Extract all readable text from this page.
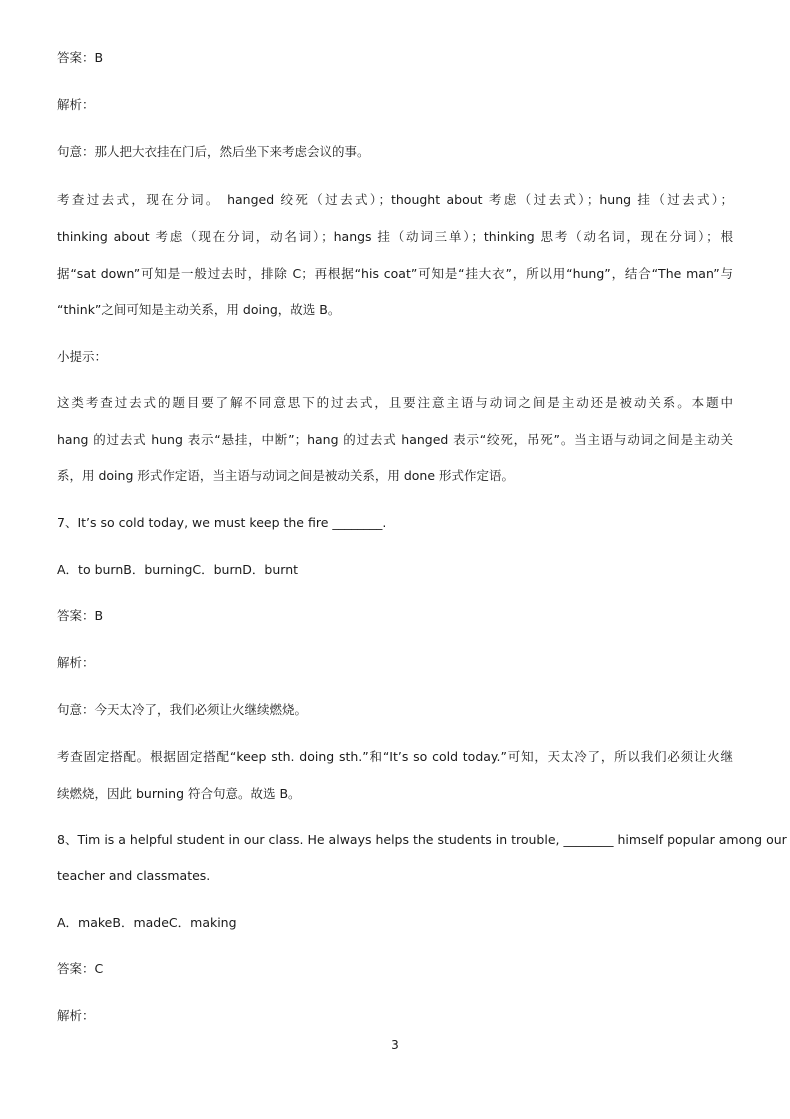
答案：B
解析：
句意：那人把大衣挂在门后，然后坐下来考虑会议的事。
考查过去式，现在分词。 hanged 绞死（过去式）；thought about 考虑（过去式）；hung 挂（过去式）；
thinking about 考虑（现在分词，动名词）；hangs 挂（动词三单）；thinking 思考（动名词，现在分词）；根
据“sat down”可知是一般过去时，排除 C；再根据“his coat”可知是“挂大衣”，所以用“hung”，结合“The man”与
“think”之间可知是主动关系，用 doing，故选 B。
小提示：
这类考查过去式的题目要了解不同意思下的过去式，且要注意主语与动词之间是主动还是被动关系。本题中
hang 的过去式 hung 表示“悬挂，中断”；hang 的过去式 hanged 表示“绞死，吊死”。当主语与动词之间是主动关
系，用 doing 形式作定语，当主语与动词之间是被动关系，用 done 形式作定语。
7、It’s so cold today, we must keep the fire ________.
A．to burnB．burningC．burnD．burnt
答案：B
解析：
句意：今天太冷了，我们必须让火继续燃烧。
考查固定搭配。根据固定搭配“keep sth. doing sth.”和“It’s so cold today.”可知，天太冷了，所以我们必须让火继
续燃烧，因此 burning 符合句意。故选 B。
8、Tim is a helpful student in our class. He always helps the students in trouble, ________ himself popular among our
teacher and classmates.
A．makeB．madeC．making
答案：C
解析：
3
